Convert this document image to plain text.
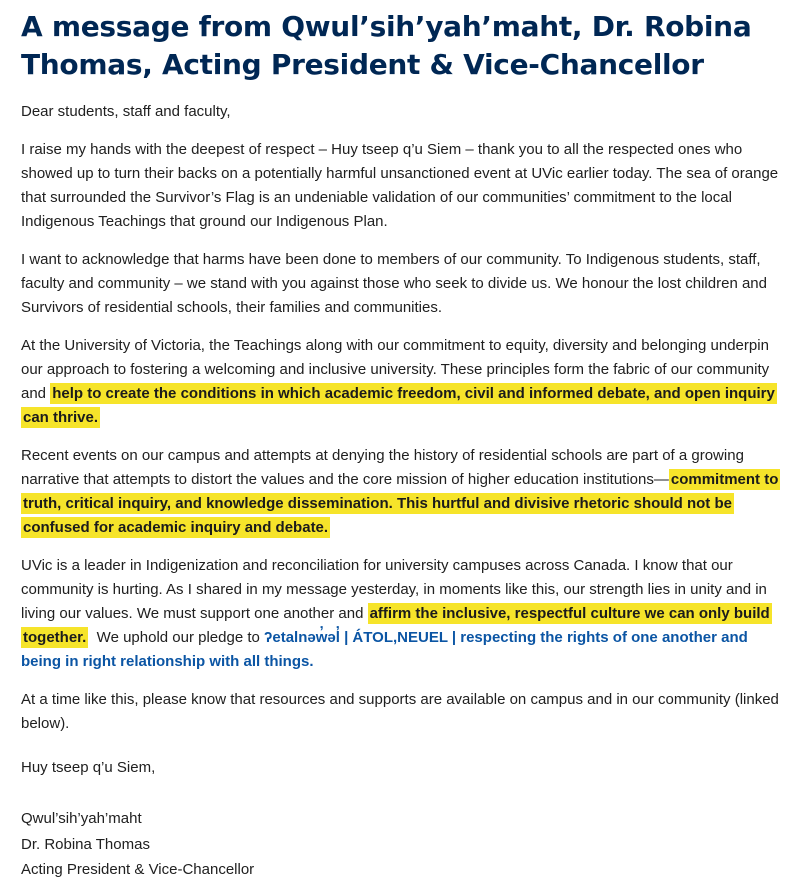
A message from Qwul’sih’yah’maht, Dr. Robina Thomas, Acting President & Vice-Chancellor

Dear students, staff and faculty,

I raise my hands with the deepest of respect – Huy tseep q’u Siem – thank you to all the respected ones who showed up to turn their backs on a potentially harmful unsanctioned event at UVic earlier today. The sea of orange that surrounded the Survivor’s Flag is an undeniable validation of our communities’ commitment to the local Indigenous Teachings that ground our Indigenous Plan.

I want to acknowledge that harms have been done to members of our community. To Indigenous students, staff, faculty and community – we stand with you against those who seek to divide us. We honour the lost children and Survivors of residential schools, their families and communities.

At the University of Victoria, the Teachings along with our commitment to equity, diversity and belonging underpin our approach to fostering a welcoming and inclusive university. These principles form the fabric of our community and help to create the conditions in which academic freedom, civil and informed debate, and open inquiry can thrive.

Recent events on our campus and attempts at denying the history of residential schools are part of a growing narrative that attempts to distort the values and the core mission of higher education institutions— commitment to truth, critical inquiry, and knowledge dissemination. This hurtful and divisive rhetoric should not be confused for academic inquiry and debate.

UVic is a leader in Indigenization and reconciliation for university campuses across Canada. I know that our community is hurting. As I shared in my message yesterday, in moments like this, our strength lies in unity and in living our values. We must support one another and affirm the inclusive, respectful culture we can only build together.  We uphold our pledge to ʔetalnəw̓əl̓ | ÁTOL,NEUEL | respecting the rights of one another and being in right relationship with all things.

At a time like this, please know that resources and supports are available on campus and in our community (linked below).

Huy tseep q’u Siem,

Qwul’sih’yah’maht
Dr. Robina Thomas
Acting President & Vice-Chancellor
